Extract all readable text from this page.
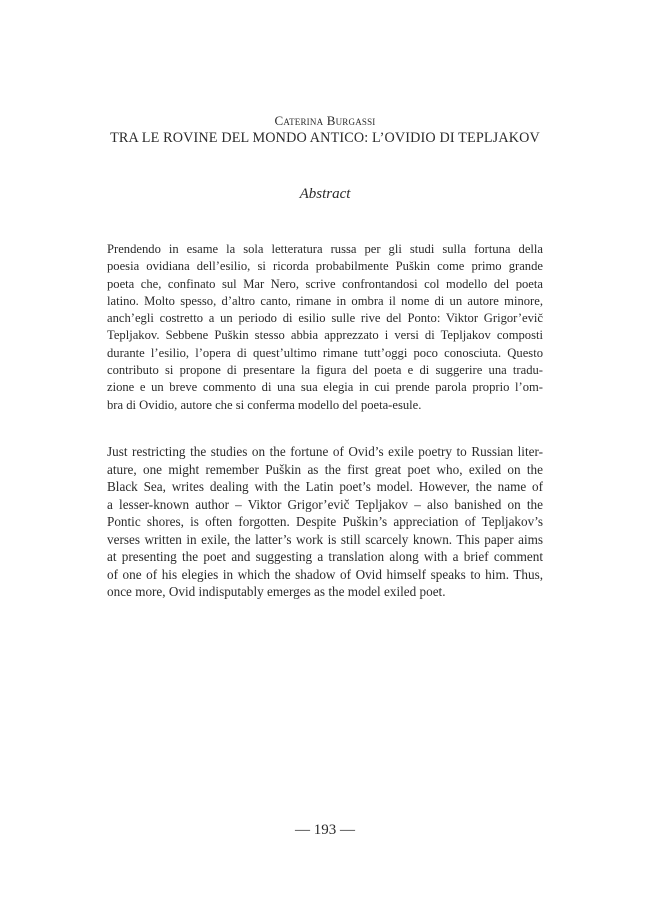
Caterina Burgassi
TRA LE ROVINE DEL MONDO ANTICO: L’OVIDIO DI TEPLJAKOV
Abstract
Prendendo in esame la sola letteratura russa per gli studi sulla fortuna della
poesia ovidiana dell’esilio, si ricorda probabilmente Puškin come primo grande
poeta che, confinato sul Mar Nero, scrive confrontandosi col modello del poeta
latino. Molto spesso, d’altro canto, rimane in ombra il nome di un autore minore,
anch’egli costretto a un periodo di esilio sulle rive del Ponto: Viktor Grigor’evič
Tepljakov. Sebbene Puškin stesso abbia apprezzato i versi di Tepljakov composti
durante l’esilio, l’opera di quest’ultimo rimane tutt’oggi poco conosciuta. Questo
contributo si propone di presentare la figura del poeta e di suggerire una tradu-
zione e un breve commento di una sua elegia in cui prende parola proprio l’om-
bra di Ovidio, autore che si conferma modello del poeta-esule.
Just restricting the studies on the fortune of Ovid’s exile poetry to Russian liter-
ature, one might remember Puškin as the first great poet who, exiled on the
Black Sea, writes dealing with the Latin poet’s model. However, the name of
a lesser-known author – Viktor Grigor’evič Tepljakov – also banished on the
Pontic shores, is often forgotten. Despite Puškin’s appreciation of Tepljakov’s
verses written in exile, the latter’s work is still scarcely known. This paper aims
at presenting the poet and suggesting a translation along with a brief comment
of one of his elegies in which the shadow of Ovid himself speaks to him. Thus,
once more, Ovid indisputably emerges as the model exiled poet.
— 193 —
